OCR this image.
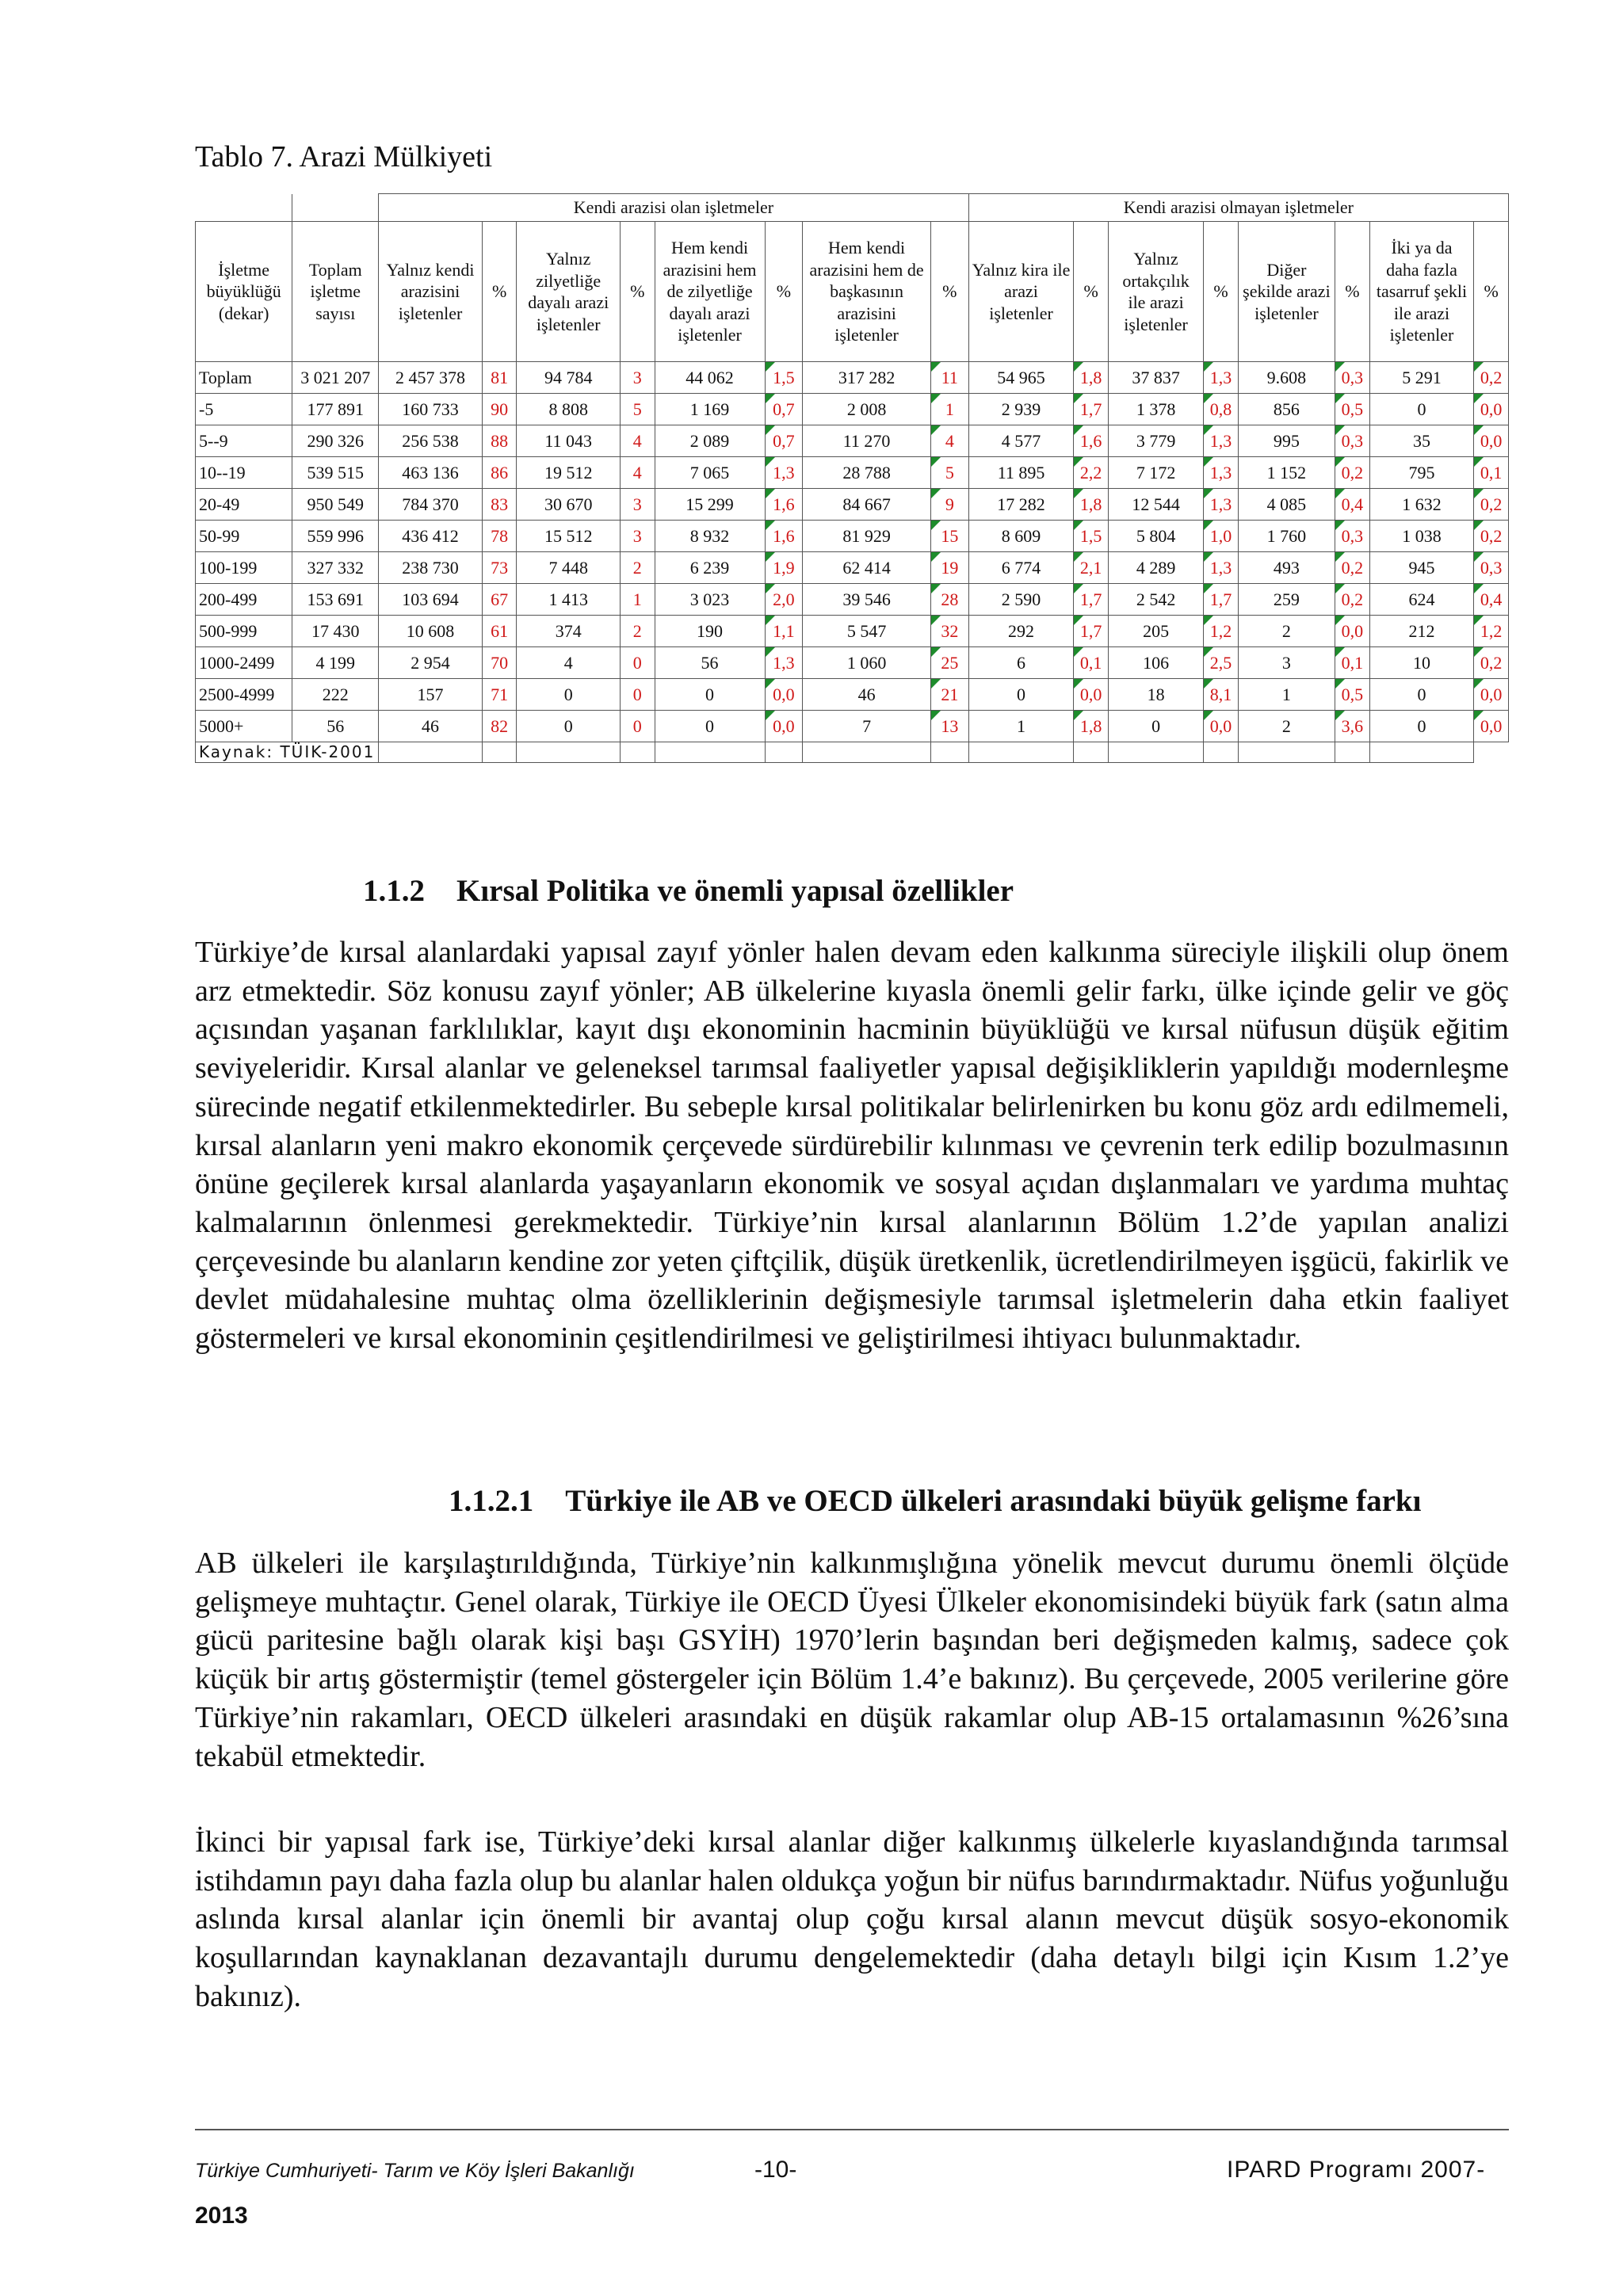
Tablo 7. Arazi Mülkiyeti
		Kendi arazisi olan işletmeler								Kendi arazisi olmayan işletmeler							
İşletme büyüklüğü (dekar)	Toplam işletme sayısı	Yalnız kendi arazisini işletenler	%	Yalnız zilyetliğe dayalı arazi işletenler	%	Hem kendi arazisini hem de zilyetliğe dayalı arazi işletenler	%	Hem kendi arazisini hem de başkasının arazisini işletenler	%	Yalnız kira ile arazi işletenler	%	Yalnız ortakçılık ile arazi işletenler	%	Diğer şekilde arazi işletenler	%	İki ya da daha fazla tasarruf şekli ile arazi işletenler	%
Toplam	3 021 207	2 457 378	81	94 784	3	44 062	1,5	317 282	11	54 965	1,8	37 837	1,3	9.608	0,3	5 291	0,2
-5	177 891	160 733	90	8 808	5	1 169	0,7	2 008	1	2 939	1,7	1 378	0,8	856	0,5	0	0,0
5--9	290 326	256 538	88	11 043	4	2 089	0,7	11 270	4	4 577	1,6	3 779	1,3	995	0,3	35	0,0
10--19	539 515	463 136	86	19 512	4	7 065	1,3	28 788	5	11 895	2,2	7 172	1,3	1 152	0,2	795	0,1
20-49	950 549	784 370	83	30 670	3	15 299	1,6	84 667	9	17 282	1,8	12 544	1,3	4 085	0,4	1 632	0,2
50-99	559 996	436 412	78	15 512	3	8 932	1,6	81 929	15	8 609	1,5	5 804	1,0	1 760	0,3	1 038	0,2
100-199	327 332	238 730	73	7 448	2	6 239	1,9	62 414	19	6 774	2,1	4 289	1,3	493	0,2	945	0,3
200-499	153 691	103 694	67	1 413	1	3 023	2,0	39 546	28	2 590	1,7	2 542	1,7	259	0,2	624	0,4
500-999	17 430	10 608	61	374	2	190	1,1	5 547	32	292	1,7	205	1,2	2	0,0	212	1,2
1000-2499	4 199	2 954	70	4	0	56	1,3	1 060	25	6	0,1	106	2,5	3	0,1	10	0,2
2500-4999	222	157	71	0	0	0	0,0	46	21	0	0,0	18	8,1	1	0,5	0	0,0
5000+	56	46	82	0	0	0	0,0	7	13	1	1,8	0	0,0	2	3,6	0	0,0
Kaynak: TÜIK-2001																	
1.1.2 Kırsal Politika ve önemli yapısal özellikler

Türkiye’de kırsal alanlardaki yapısal zayıf yönler halen devam eden kalkınma süreciyle ilişkili olup önem arz etmektedir. Söz konusu zayıf yönler; AB ülkelerine kıyasla önemli gelir farkı, ülke içinde gelir ve göç açısından yaşanan farklılıklar, kayıt dışı ekonominin hacminin büyüklüğü ve kırsal nüfusun düşük eğitim seviyeleridir. Kırsal alanlar ve geleneksel tarımsal faaliyetler yapısal değişikliklerin yapıldığı modernleşme sürecinde negatif etkilenmektedirler. Bu sebeple kırsal politikalar belirlenirken bu konu göz ardı edilmemeli, kırsal alanların yeni makro ekonomik çerçevede sürdürebilir kılınması ve çevrenin terk edilip bozulmasının önüne geçilerek kırsal alanlarda yaşayanların ekonomik ve sosyal açıdan dışlanmaları ve yardıma muhtaç kalmalarının önlenmesi gerekmektedir. Türkiye’nin kırsal alanlarının Bölüm 1.2’de yapılan analizi çerçevesinde bu alanların kendine zor yeten çiftçilik, düşük üretkenlik, ücretlendirilmeyen işgücü, fakirlik ve devlet müdahalesine muhtaç olma özelliklerinin değişmesiyle tarımsal işletmelerin daha etkin faaliyet göstermeleri ve kırsal ekonominin çeşitlendirilmesi ve geliştirilmesi ihtiyacı bulunmaktadır.

1.1.2.1 Türkiye ile AB ve OECD ülkeleri arasındaki büyük gelişme farkı

AB ülkeleri ile karşılaştırıldığında, Türkiye’nin kalkınmışlığına yönelik mevcut durumu önemli ölçüde gelişmeye muhtaçtır. Genel olarak, Türkiye ile OECD Üyesi Ülkeler ekonomisindeki büyük fark (satın alma gücü paritesine bağlı olarak kişi başı GSYİH) 1970’lerin başından beri değişmeden kalmış, sadece çok küçük bir artış göstermiştir (temel göstergeler için Bölüm 1.4’e bakınız). Bu çerçevede, 2005 verilerine göre Türkiye’nin rakamları, OECD ülkeleri arasındaki en düşük rakamlar olup AB-15 ortalamasının %26’sına tekabül etmektedir.

İkinci bir yapısal fark ise, Türkiye’deki kırsal alanlar diğer kalkınmış ülkelerle kıyaslandığında tarımsal istihdamın payı daha fazla olup bu alanlar halen oldukça yoğun bir nüfus barındırmaktadır. Nüfus yoğunluğu aslında kırsal alanlar için önemli bir avantaj olup çoğu kırsal alanın mevcut düşük sosyo-ekonomik koşullarından kaynaklanan dezavantajlı durumu dengelemektedir (daha detaylı bilgi için Kısım 1.2’ye bakınız).

Türkiye Cumhuriyeti- Tarım ve Köy İşleri Bakanlığı	-10-	IPARD Programı 2007-
2013
